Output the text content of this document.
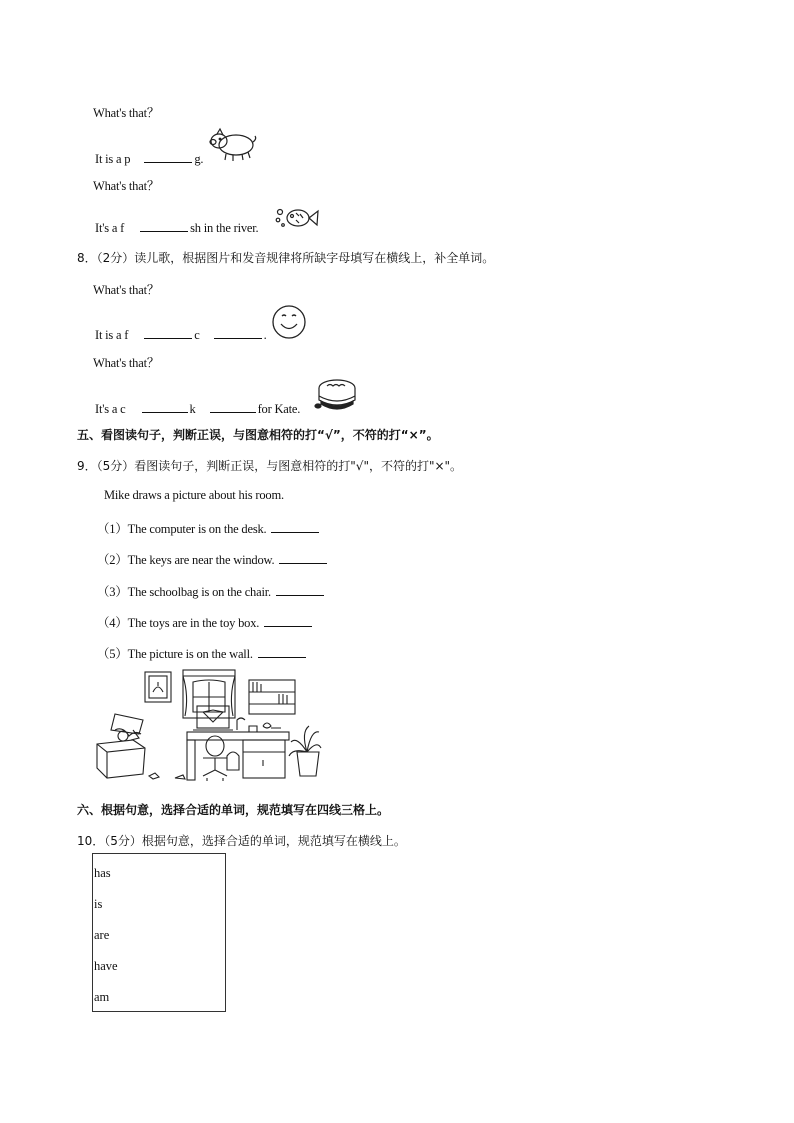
What's that？
It is a p	g.
What's that？
It's a f	sh in the river.
8．（2分）读儿歌，根据图片和发音规律将所缺字母填写在横线上，补全单词。
What's that？
It is a f	c	.
What's that？
It's a c	k	for Kate.
五、看图读句子，判断正误，与图意相符的打“√”，不符的打“×”。
9．（5分）看图读句子，判断正误，与图意相符的打"√"，不符的打"×"。
Mike draws a picture about his room.
（1）The computer is on the desk.
（2）The keys are near the window.
（3）The schoolbag is on the chair.
（4）The toys are in the toy box.
（5）The picture is on the wall.
六、根据句意，选择合适的单词，规范填写在四线三格上。
10．（5分）根据句意，选择合适的单词，规范填写在横线上。
has
is
are
have
am
